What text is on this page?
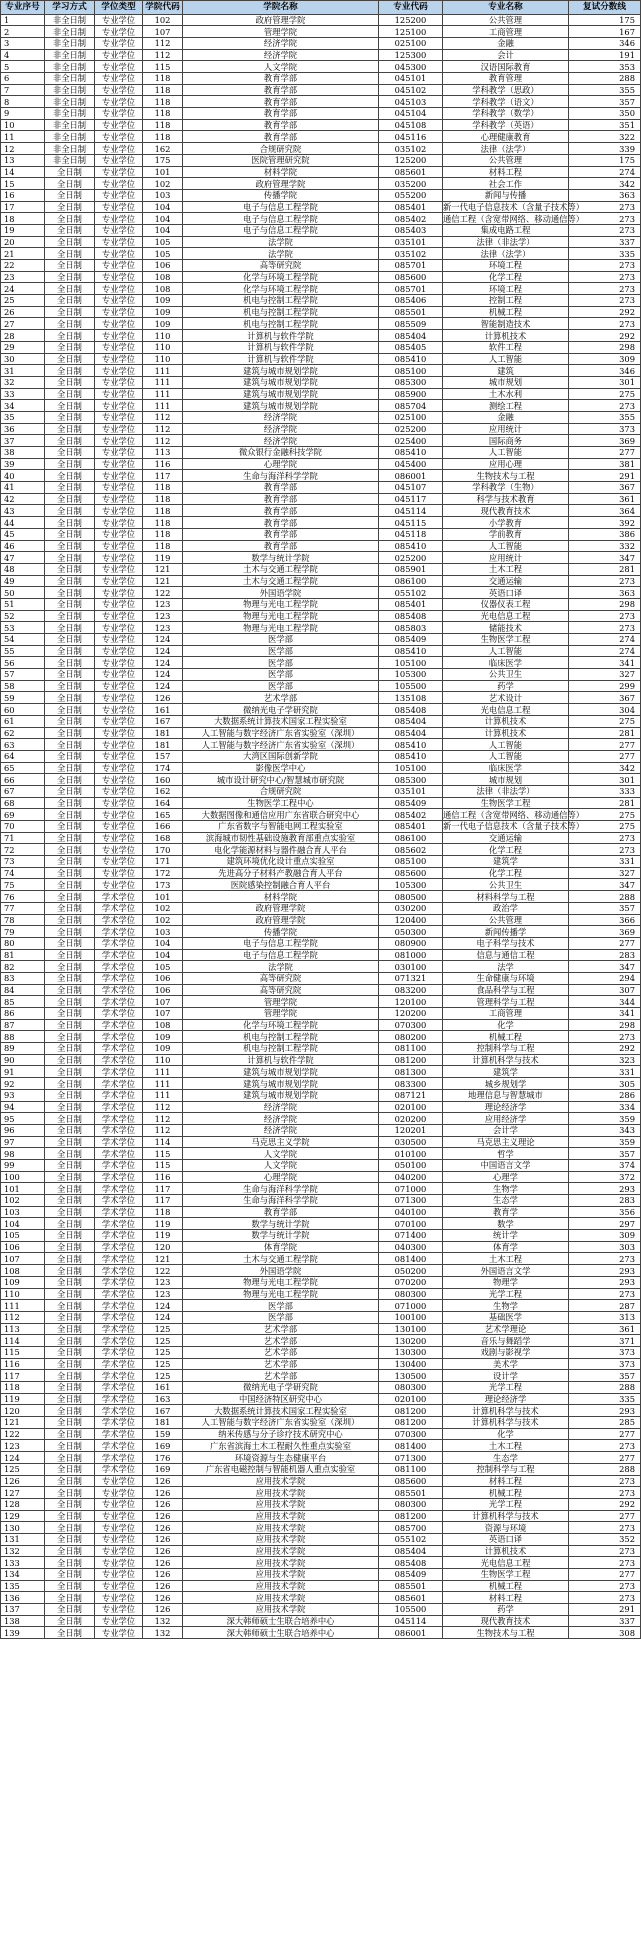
专业序号	学习方式	学位类型	学院代码	学院名称	专业代码	专业名称	复试分数线
1	非全日制	专业学位	102	政府管理学院	125200	公共管理	175
2	非全日制	专业学位	107	管理学院	125100	工商管理	167
3	非全日制	专业学位	112	经济学院	025100	金融	346
4	非全日制	专业学位	112	经济学院	125300	会计	191
5	非全日制	专业学位	115	人文学院	045300	汉语国际教育	353
6	非全日制	专业学位	118	教育学部	045101	教育管理	288
7	非全日制	专业学位	118	教育学部	045102	学科教学（思政）	355
8	非全日制	专业学位	118	教育学部	045103	学科教学（语文）	357
9	非全日制	专业学位	118	教育学部	045104	学科教学（数学）	350
10	非全日制	专业学位	118	教育学部	045108	学科教学（英语）	351
11	非全日制	专业学位	118	教育学部	045116	心理健康教育	322
12	非全日制	专业学位	162	合规研究院	035102	法律（法学）	339
13	非全日制	专业学位	175	医院管理研究院	125200	公共管理	175
14	全日制	专业学位	101	材料学院	085601	材料工程	274
15	全日制	专业学位	102	政府管理学院	035200	社会工作	342
16	全日制	专业学位	103	传播学院	055200	新闻与传播	363
17	全日制	专业学位	104	电子与信息工程学院	085401	新一代电子信息技术（含量子技术等）	273
18	全日制	专业学位	104	电子与信息工程学院	085402	通信工程（含宽带网络、移动通信等）	273
19	全日制	专业学位	104	电子与信息工程学院	085403	集成电路工程	273
20	全日制	专业学位	105	法学院	035101	法律（非法学）	337
21	全日制	专业学位	105	法学院	035102	法律（法学）	335
22	全日制	专业学位	106	高等研究院	085701	环境工程	273
23	全日制	专业学位	108	化学与环境工程学院	085600	化学工程	273
24	全日制	专业学位	108	化学与环境工程学院	085701	环境工程	273
25	全日制	专业学位	109	机电与控制工程学院	085406	控制工程	273
26	全日制	专业学位	109	机电与控制工程学院	085501	机械工程	292
27	全日制	专业学位	109	机电与控制工程学院	085509	智能制造技术	273
28	全日制	专业学位	110	计算机与软件学院	085404	计算机技术	292
29	全日制	专业学位	110	计算机与软件学院	085405	软件工程	298
30	全日制	专业学位	110	计算机与软件学院	085410	人工智能	309
31	全日制	专业学位	111	建筑与城市规划学院	085100	建筑	346
32	全日制	专业学位	111	建筑与城市规划学院	085300	城市规划	301
33	全日制	专业学位	111	建筑与城市规划学院	085900	土木水利	275
34	全日制	专业学位	111	建筑与城市规划学院	085704	测绘工程	273
35	全日制	专业学位	112	经济学院	025100	金融	355
36	全日制	专业学位	112	经济学院	025200	应用统计	373
37	全日制	专业学位	112	经济学院	025400	国际商务	369
38	全日制	专业学位	113	微众银行金融科技学院	085410	人工智能	277
39	全日制	专业学位	116	心理学院	045400	应用心理	381
40	全日制	专业学位	117	生命与海洋科学学院	086001	生物技术与工程	291
41	全日制	专业学位	118	教育学部	045107	学科教学（生物）	367
42	全日制	专业学位	118	教育学部	045117	科学与技术教育	361
43	全日制	专业学位	118	教育学部	045114	现代教育技术	364
44	全日制	专业学位	118	教育学部	045115	小学教育	392
45	全日制	专业学位	118	教育学部	045118	学前教育	386
46	全日制	专业学位	118	教育学部	085410	人工智能	332
47	全日制	专业学位	119	数学与统计学院	025200	应用统计	347
48	全日制	专业学位	121	土木与交通工程学院	085901	土木工程	281
49	全日制	专业学位	121	土木与交通工程学院	086100	交通运输	273
50	全日制	专业学位	122	外国语学院	055102	英语口译	363
51	全日制	专业学位	123	物理与光电工程学院	085401	仪器仪表工程	298
52	全日制	专业学位	123	物理与光电工程学院	085408	光电信息工程	273
53	全日制	专业学位	123	物理与光电工程学院	085803	储能技术	273
54	全日制	专业学位	124	医学部	085409	生物医学工程	274
55	全日制	专业学位	124	医学部	085410	人工智能	274
56	全日制	专业学位	124	医学部	105100	临床医学	341
57	全日制	专业学位	124	医学部	105300	公共卫生	327
58	全日制	专业学位	124	医学部	105500	药学	299
59	全日制	专业学位	126	艺术学部	135108	艺术设计	367
60	全日制	专业学位	161	微纳光电子学研究院	085408	光电信息工程	304
61	全日制	专业学位	167	大数据系统计算技术国家工程实验室	085404	计算机技术	275
62	全日制	专业学位	181	人工智能与数字经济广东省实验室（深圳）	085404	计算机技术	281
63	全日制	专业学位	181	人工智能与数字经济广东省实验室（深圳）	085410	人工智能	277
64	全日制	专业学位	157	大湾区国际创新学院	085410	人工智能	277
65	全日制	专业学位	174	影像医学中心	105100	临床医学	342
66	全日制	专业学位	160	城市设计研究中心/智慧城市研究院	085300	城市规划	301
67	全日制	专业学位	162	合规研究院	035101	法律（非法学）	333
68	全日制	专业学位	164	生物医学工程中心	085409	生物医学工程	281
69	全日制	专业学位	165	大数据图像和通信应用广东省联合研究中心	085402	通信工程（含宽带网络、移动通信等）	275
70	全日制	专业学位	166	广东省数字与智能电网工程实验室	085401	新一代电子信息技术（含量子技术等）	275
71	全日制	专业学位	168	滨海城市韧性基础设施教育部重点实验室	086100	交通运输	273
72	全日制	专业学位	170	电化学能源材料与器件融合育人平台	085602	化学工程	273
73	全日制	专业学位	171	建筑环境优化设计重点实验室	085100	建筑学	331
74	全日制	专业学位	172	先进高分子材料产教融合育人平台	085600	化学工程	327
75	全日制	专业学位	173	医院感染控制融合育人平台	105300	公共卫生	347
76	全日制	学术学位	101	材料学院	080500	材料科学与工程	288
77	全日制	学术学位	102	政府管理学院	030200	政治学	357
78	全日制	学术学位	102	政府管理学院	120400	公共管理	366
79	全日制	学术学位	103	传播学院	050300	新闻传播学	369
80	全日制	学术学位	104	电子与信息工程学院	080900	电子科学与技术	277
81	全日制	学术学位	104	电子与信息工程学院	081000	信息与通信工程	283
82	全日制	学术学位	105	法学院	030100	法学	347
83	全日制	学术学位	106	高等研究院	071321	生命健康与环境	294
84	全日制	学术学位	106	高等研究院	083200	食品科学与工程	307
85	全日制	学术学位	107	管理学院	120100	管理科学与工程	344
86	全日制	学术学位	107	管理学院	120200	工商管理	341
87	全日制	学术学位	108	化学与环境工程学院	070300	化学	298
88	全日制	学术学位	109	机电与控制工程学院	080200	机械工程	273
89	全日制	学术学位	109	机电与控制工程学院	081100	控制科学与工程	292
90	全日制	学术学位	110	计算机与软件学院	081200	计算机科学与技术	323
91	全日制	学术学位	111	建筑与城市规划学院	081300	建筑学	331
92	全日制	学术学位	111	建筑与城市规划学院	083300	城乡规划学	305
93	全日制	学术学位	111	建筑与城市规划学院	087121	地理信息与智慧城市	286
94	全日制	学术学位	112	经济学院	020100	理论经济学	334
95	全日制	学术学位	112	经济学院	020200	应用经济学	359
96	全日制	学术学位	112	经济学院	120201	会计学	343
97	全日制	学术学位	114	马克思主义学院	030500	马克思主义理论	359
98	全日制	学术学位	115	人文学院	010100	哲学	357
99	全日制	学术学位	115	人文学院	050100	中国语言文学	374
100	全日制	学术学位	116	心理学院	040200	心理学	372
101	全日制	学术学位	117	生命与海洋科学学院	071000	生物学	293
102	全日制	学术学位	117	生命与海洋科学学院	071300	生态学	283
103	全日制	学术学位	118	教育学部	040100	教育学	356
104	全日制	学术学位	119	数学与统计学院	070100	数学	297
105	全日制	学术学位	119	数学与统计学院	071400	统计学	309
106	全日制	学术学位	120	体育学院	040300	体育学	303
107	全日制	学术学位	121	土木与交通工程学院	081400	土木工程	273
108	全日制	学术学位	122	外国语学院	050200	外国语言文学	293
109	全日制	学术学位	123	物理与光电工程学院	070200	物理学	293
110	全日制	学术学位	123	物理与光电工程学院	080300	光学工程	273
111	全日制	学术学位	124	医学部	071000	生物学	287
112	全日制	学术学位	124	医学部	100100	基础医学	313
113	全日制	学术学位	125	艺术学部	130100	艺术学理论	361
114	全日制	学术学位	125	艺术学部	130200	音乐与舞蹈学	371
115	全日制	学术学位	125	艺术学部	130300	戏剧与影视学	373
116	全日制	学术学位	125	艺术学部	130400	美术学	373
117	全日制	学术学位	125	艺术学部	130500	设计学	357
118	全日制	学术学位	161	微纳光电子学研究院	080300	光学工程	288
119	全日制	学术学位	163	中国经济特区研究中心	020100	理论经济学	335
120	全日制	学术学位	167	大数据系统计算技术国家工程实验室	081200	计算机科学与技术	293
121	全日制	学术学位	181	人工智能与数字经济广东省实验室（深圳）	081200	计算机科学与技术	285
122	全日制	学术学位	159	纳米传感与分子诊疗技术研究中心	070300	化学	277
123	全日制	学术学位	169	广东省滨海土木工程耐久性重点实验室	081400	土木工程	273
124	全日制	学术学位	176	环境资源与生态健康平台	071300	生态学	277
125	全日制	学术学位	169	广东省电磁控制与智能机器人重点实验室	081100	控制科学与工程	288
126	全日制	专业学位	126	应用技术学院	085600	材料工程	273
127	全日制	专业学位	126	应用技术学院	085501	机械工程	273
128	全日制	专业学位	126	应用技术学院	080300	光学工程	292
129	全日制	专业学位	126	应用技术学院	081200	计算机科学与技术	277
130	全日制	专业学位	126	应用技术学院	085700	资源与环境	273
131	全日制	专业学位	126	应用技术学院	055102	英语口译	352
132	全日制	专业学位	126	应用技术学院	085404	计算机技术	273
133	全日制	专业学位	126	应用技术学院	085408	光电信息工程	273
134	全日制	专业学位	126	应用技术学院	085409	生物医学工程	277
135	全日制	专业学位	126	应用技术学院	085501	机械工程	273
136	全日制	专业学位	126	应用技术学院	085601	材料工程	273
137	全日制	专业学位	126	应用技术学院	105500	药学	291
138	全日制	专业学位	132	深大韩师硕士生联合培养中心	045114	现代教育技术	337
139	全日制	专业学位	132	深大韩师硕士生联合培养中心	086001	生物技术与工程	308
